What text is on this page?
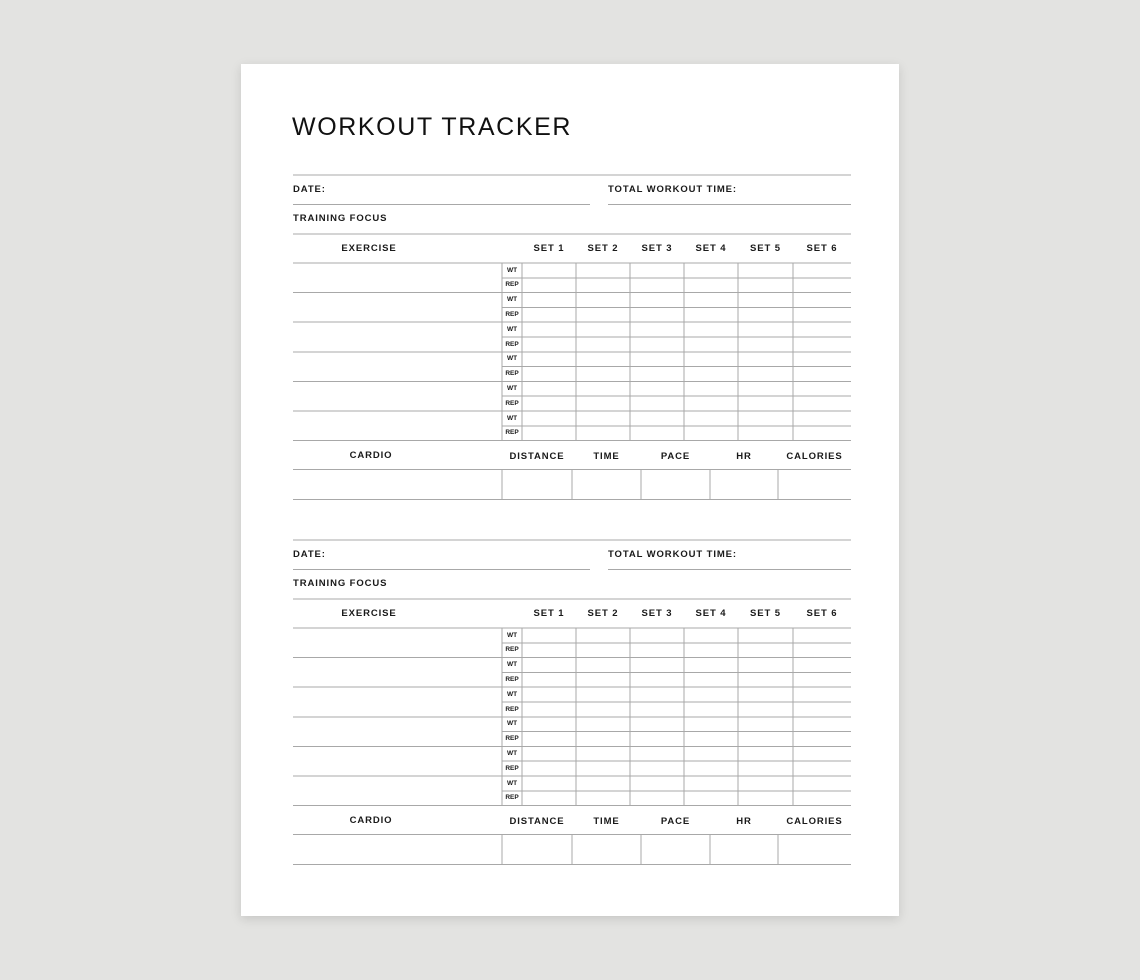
WORKOUT TRACKER
DATE:	TOTAL WORKOUT TIME:
TRAINING FOCUS
EXERCISE	SET 1 SET 2 SET 3 SET 4 SET 5	SET 6
WT
REP
WT
REP
WT
REP
WT
REP
WT
REP
WT
REP
CARDIO	DISTANCE	TIME	PACE	HR	CALORIES
DATE:	TOTAL WORKOUT TIME:
TRAINING FOCUS
EXERCISE	SET 1 SET 2 SET 3 SET 4 SET 5	SET 6
WT
REP
WT
REP
WT
REP
WT
REP
WT
REP
WT
REP
CARDIO	DISTANCE	TIME	PACE	HR	CALORIES
